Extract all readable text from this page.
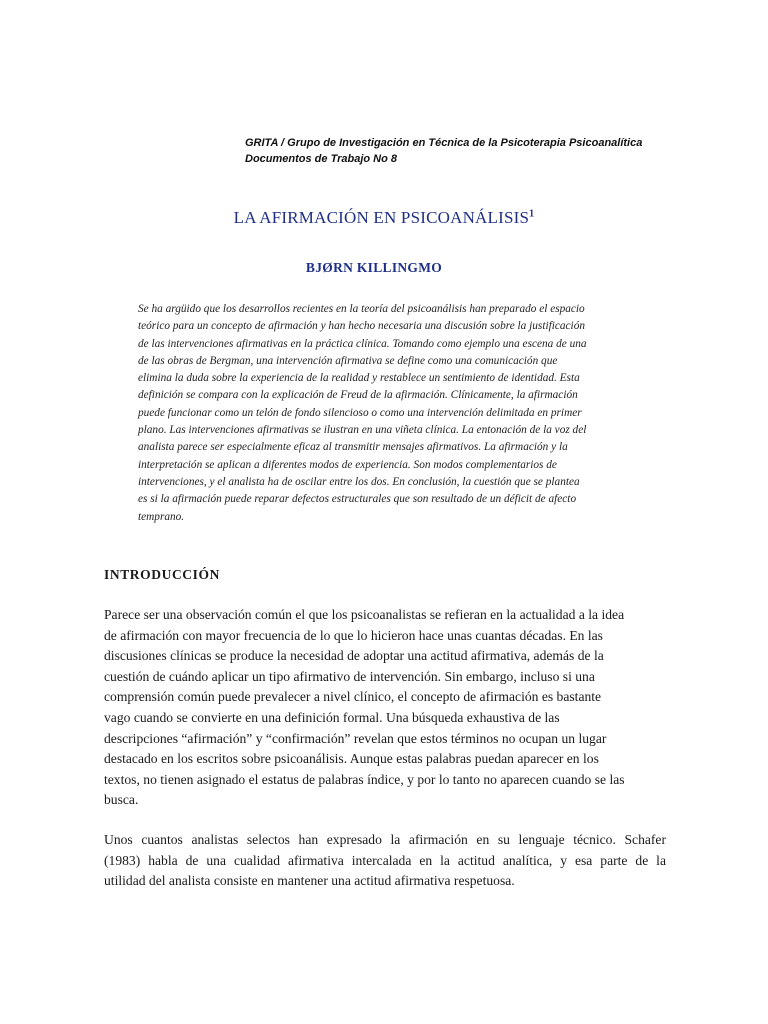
GRITA / Grupo de Investigación en Técnica de la Psicoterapia Psicoanalítica
Documentos de Trabajo No 8
LA AFIRMACIÓN EN PSICOANÁLISIS$^1$
BJØRN KILLINGMO
Se ha argüido que los desarrollos recientes en la teoría del psicoanálisis han preparado el espacio
teórico para un concepto de afirmación y han hecho necesaria una discusión sobre la justificación
de las intervenciones afirmativas en la práctica clínica. Tomando como ejemplo una escena de una
de las obras de Bergman, una intervención afirmativa se define como una comunicación que
elimina la duda sobre la experiencia de la realidad y restablece un sentimiento de identidad. Esta
definición se compara con la explicación de Freud de la afirmación. Clínicamente, la afirmación
puede funcionar como un telón de fondo silencioso o como una intervención delimitada en primer
plano. Las intervenciones afirmativas se ilustran en una viñeta clínica. La entonación de la voz del
analista parece ser especialmente eficaz al transmitir mensajes afirmativos. La afirmación y la
interpretación se aplican a diferentes modos de experiencia. Son modos complementarios de
intervenciones, y el analista ha de oscilar entre los dos. En conclusión, la cuestión que se plantea
es si la afirmación puede reparar defectos estructurales que son resultado de un déficit de afecto
temprano.
INTRODUCCIÓN
Parece ser una observación común el que los psicoanalistas se refieran en la actualidad a la idea
de afirmación con mayor frecuencia de lo que lo hicieron hace unas cuantas décadas. En las
discusiones clínicas se produce la necesidad de adoptar una actitud afirmativa, además de la
cuestión de cuándo aplicar un tipo afirmativo de intervención. Sin embargo, incluso si una
comprensión común puede prevalecer a nivel clínico, el concepto de afirmación es bastante
vago cuando se convierte en una definición formal. Una búsqueda exhaustiva de las
descripciones “afirmación” y “confirmación” revelan que estos términos no ocupan un lugar
destacado en los escritos sobre psicoanálisis. Aunque estas palabras puedan aparecer en los
textos, no tienen asignado el estatus de palabras índice, y por lo tanto no aparecen cuando se las
busca.
Unos cuantos analistas selectos han expresado la afirmación en su lenguaje técnico. Schafer
(1983) habla de una cualidad afirmativa intercalada en la actitud analítica, y esa parte de la
utilidad del analista consiste en mantener una actitud afirmativa respetuosa.
